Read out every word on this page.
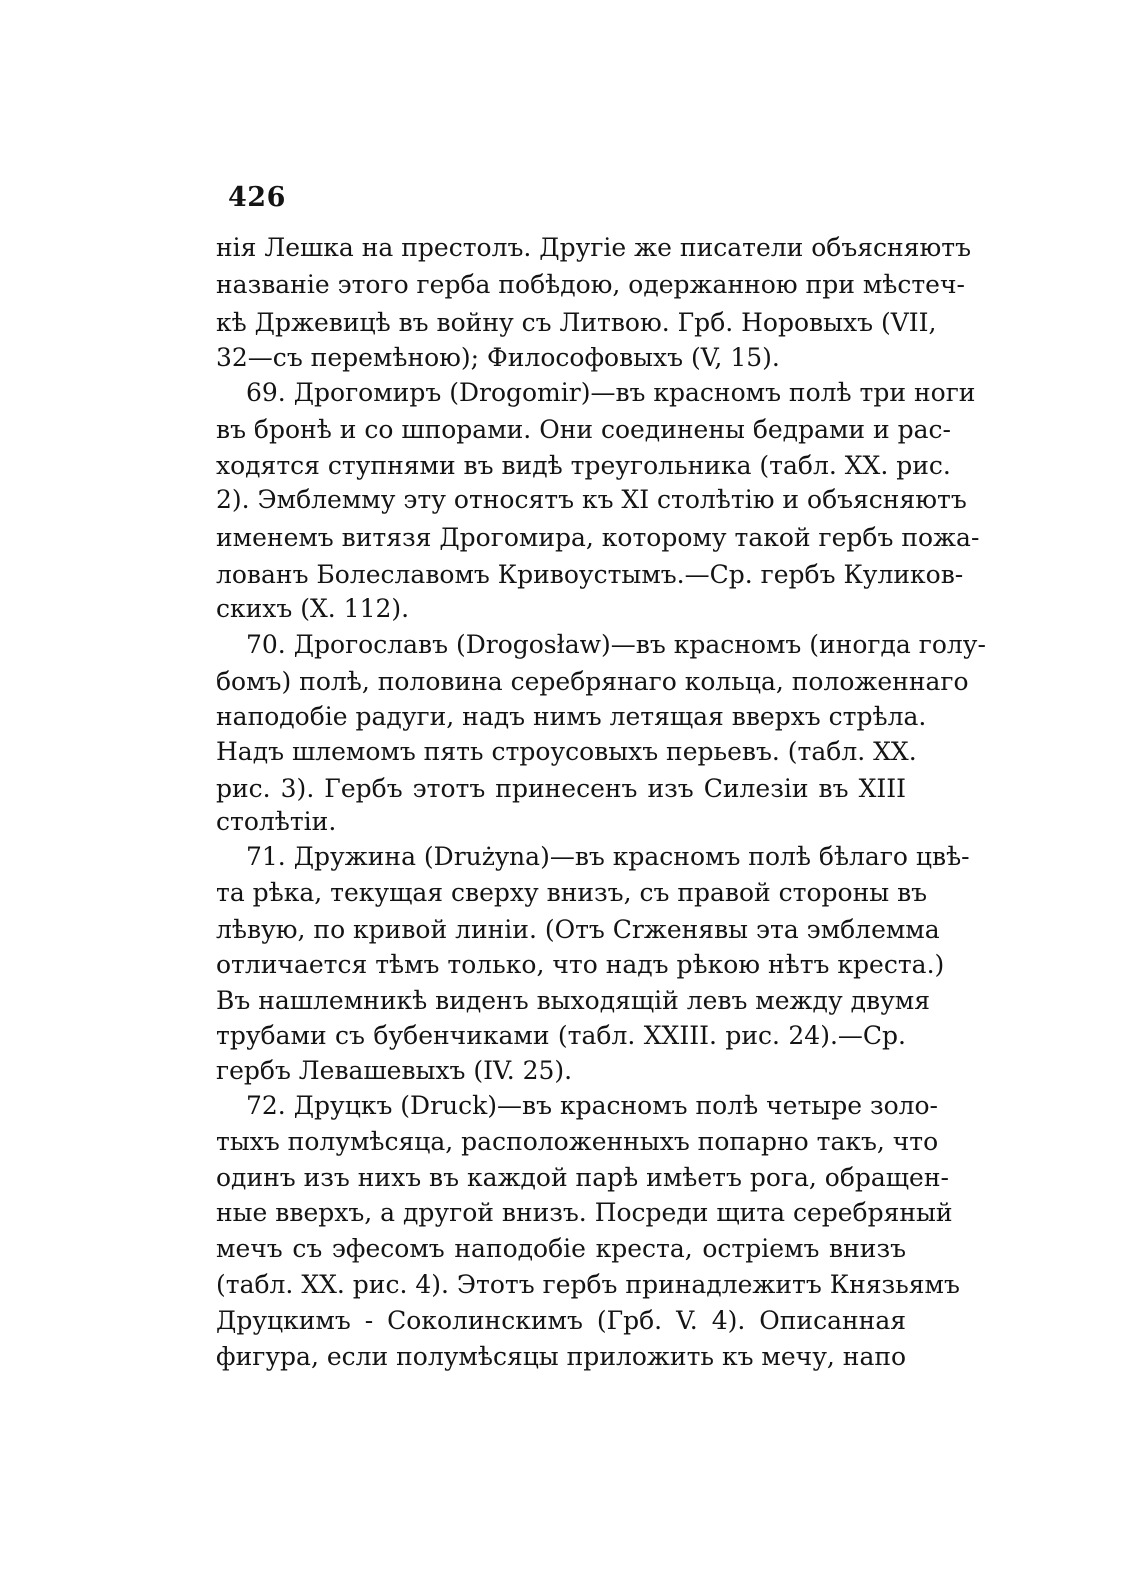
426
нія Лешка на престолъ. Другіе же писатели объясняютъ
названіе этого герба побѣдою, одержанною при мѣстеч-
кѣ Држевицѣ въ войну съ Литвою. Грб. Норовыхъ (VII,
32—съ перемѣною); Философовыхъ (V, 15).
69. Дрогомиръ (Drogomir)—въ красномъ полѣ три ноги
въ бронѣ и со шпорами. Они соединены бедрами и рас-
ходятся ступнями въ видѣ треугольника (табл. XX. рис.
2). Эмблемму эту относятъ къ XI столѣтію и объясняютъ
именемъ витязя Дрогомира, которому такой гербъ пожа-
лованъ Болеславомъ Кривоустымъ.—Ср. гербъ Куликов-
скихъ (X. 112).
70. Дрогославъ (Drogosław)—въ красномъ (иногда голу-
бомъ) полѣ, половина серебрянаго кольца, положеннаго
наподобіе радуги, надъ нимъ летящая вверхъ стрѣла.
Надъ шлемомъ пять строусовыхъ перьевъ. (табл. XX.
рис. 3). Гербъ этотъ принесенъ изъ Силезіи въ XIII
столѣтіи.
71. Дружина (Drużyna)—въ красномъ полѣ бѣлаго цвѣ-
та рѣка, текущая сверху внизъ, съ правой стороны въ
лѣвую, по кривой линіи. (Отъ Сrженявы эта эмблемма
отличается тѣмъ только, что надъ рѣкою нѣтъ креста.)
Въ нашлемникѣ виденъ выходящій левъ между двумя
трубами съ бубенчиками (табл. XXIII. рис. 24).—Ср.
гербъ Левашевыхъ (IV. 25).
72. Друцкъ (Druck)—въ красномъ полѣ четыре золо-
тыхъ полумѣсяца, расположенныхъ попарно такъ, что
одинъ изъ нихъ въ каждой парѣ имѣетъ рога, обращен-
ные вверхъ, а другой внизъ. Посреди щита серебряный
мечъ съ эфесомъ наподобіе креста, остріемъ внизъ
(табл. XX. рис. 4). Этотъ гербъ принадлежитъ Князьямъ
Друцкимъ - Соколинскимъ (Грб. V. 4). Описанная
фигура, если полумѣсяцы приложить къ мечу, напо
